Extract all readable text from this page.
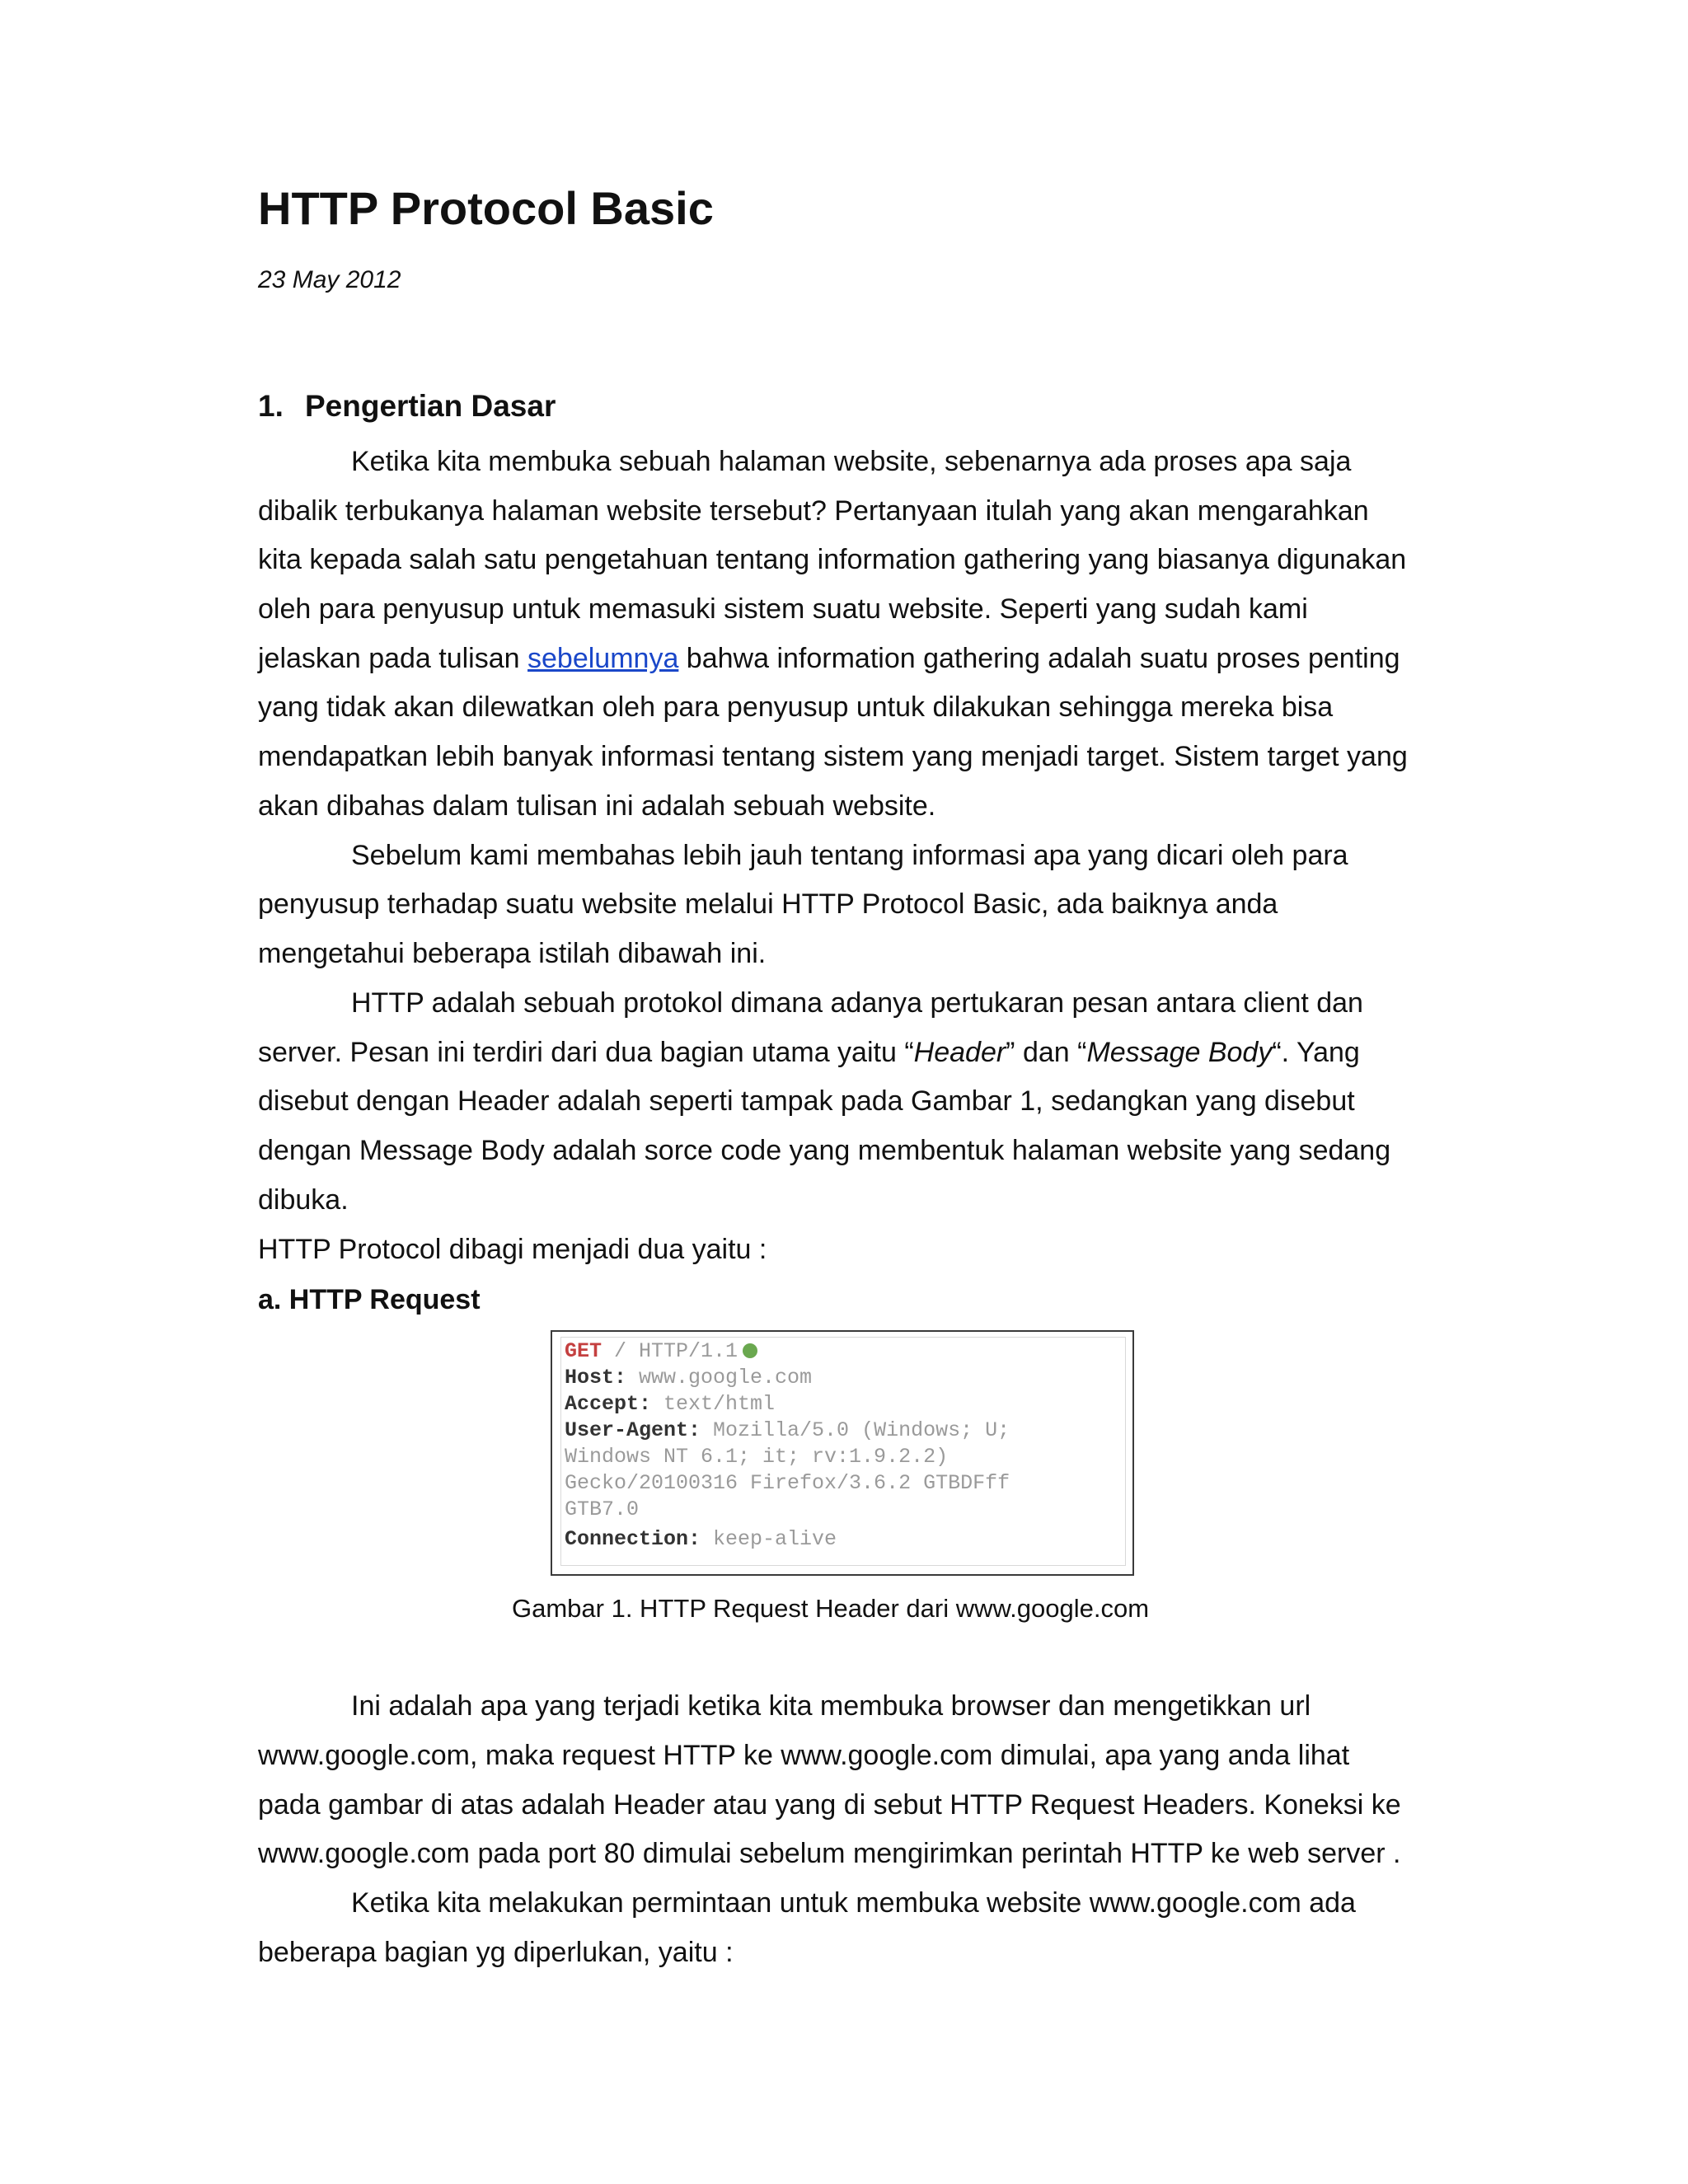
HTTP Protocol Basic
23 May 2012
1. Pengertian Dasar
Ketika kita membuka sebuah halaman website, sebenarnya ada proses apa saja
dibalik terbukanya halaman website tersebut? Pertanyaan itulah yang akan mengarahkan
kita kepada salah satu pengetahuan tentang information gathering yang biasanya digunakan
oleh para penyusup untuk memasuki sistem suatu website. Seperti yang sudah kami
jelaskan pada tulisan sebelumnya bahwa information gathering adalah suatu proses penting
yang tidak akan dilewatkan oleh para penyusup untuk dilakukan sehingga mereka bisa
mendapatkan lebih banyak informasi tentang sistem yang menjadi target. Sistem target yang
akan dibahas dalam tulisan ini adalah sebuah website.
Sebelum kami membahas lebih jauh tentang informasi apa yang dicari oleh para
penyusup terhadap suatu website melalui HTTP Protocol Basic, ada baiknya anda
mengetahui beberapa istilah dibawah ini.
HTTP adalah sebuah protokol dimana adanya pertukaran pesan antara client dan
server. Pesan ini terdiri dari dua bagian utama yaitu “Header” dan “Message Body“. Yang
disebut dengan Header adalah seperti tampak pada Gambar 1, sedangkan yang disebut
dengan Message Body adalah sorce code yang membentuk halaman website yang sedang
dibuka.
HTTP Protocol dibagi menjadi dua yaitu :
a. HTTP Request
GET / HTTP/1.1
Host: www.google.com
Accept: text/html
User-Agent: Mozilla/5.0 (Windows; U;
Windows NT 6.1; it; rv:1.9.2.2)
Gecko/20100316 Firefox/3.6.2 GTBDFff
GTB7.0
Connection: keep-alive
Gambar 1. HTTP Request Header dari www.google.com
Ini adalah apa yang terjadi ketika kita membuka browser dan mengetikkan url
www.google.com, maka request HTTP ke www.google.com dimulai, apa yang anda lihat
pada gambar di atas adalah Header atau yang di sebut HTTP Request Headers. Koneksi ke
www.google.com pada port 80 dimulai sebelum mengirimkan perintah HTTP ke web server .
Ketika kita melakukan permintaan untuk membuka website www.google.com ada
beberapa bagian yg diperlukan, yaitu :
